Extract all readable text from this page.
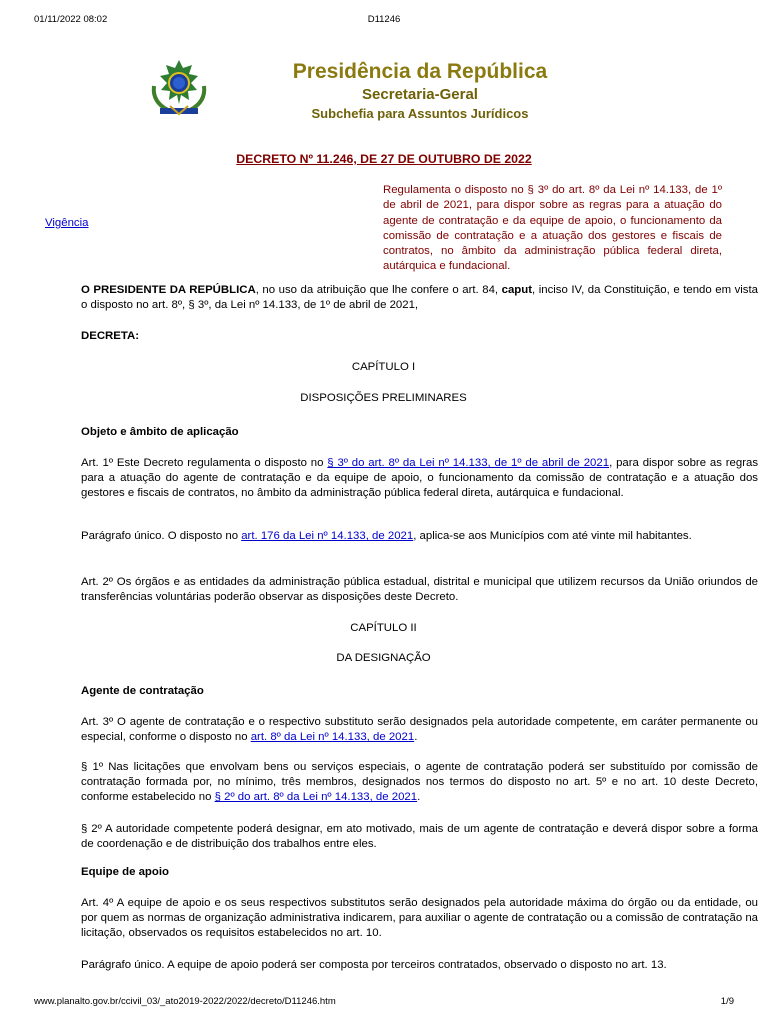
01/11/2022 08:02	D11246
Presidência da República
Secretaria-Geral
Subchefia para Assuntos Jurídicos
DECRETO Nº 11.246, DE 27 DE OUTUBRO DE 2022
Regulamenta o disposto no § 3º do art. 8º da Lei nº 14.133, de 1º de abril de 2021, para dispor sobre as regras para a atuação do agente de contratação e da equipe de apoio, o funcionamento da comissão de contratação e a atuação dos gestores e fiscais de contratos, no âmbito da administração pública federal direta, autárquica e fundacional.
Vigência
O PRESIDENTE DA REPÚBLICA, no uso da atribuição que lhe confere o art. 84, caput, inciso IV, da Constituição, e tendo em vista o disposto no art. 8º, § 3º, da Lei nº 14.133, de 1º de abril de 2021,
DECRETA:
CAPÍTULO I
DISPOSIÇÕES PRELIMINARES
Objeto e âmbito de aplicação
Art. 1º Este Decreto regulamenta o disposto no § 3º do art. 8º da Lei nº 14.133, de 1º de abril de 2021, para dispor sobre as regras para a atuação do agente de contratação e da equipe de apoio, o funcionamento da comissão de contratação e a atuação dos gestores e fiscais de contratos, no âmbito da administração pública federal direta, autárquica e fundacional.
Parágrafo único. O disposto no art. 176 da Lei nº 14.133, de 2021, aplica-se aos Municípios com até vinte mil habitantes.
Art. 2º Os órgãos e as entidades da administração pública estadual, distrital e municipal que utilizem recursos da União oriundos de transferências voluntárias poderão observar as disposições deste Decreto.
CAPÍTULO II
DA DESIGNAÇÃO
Agente de contratação
Art. 3º O agente de contratação e o respectivo substituto serão designados pela autoridade competente, em caráter permanente ou especial, conforme o disposto no art. 8º da Lei nº 14.133, de 2021.
§ 1º Nas licitações que envolvam bens ou serviços especiais, o agente de contratação poderá ser substituído por comissão de contratação formada por, no mínimo, três membros, designados nos termos do disposto no art. 5º e no art. 10 deste Decreto, conforme estabelecido no § 2º do art. 8º da Lei nº 14.133, de 2021.
§ 2º A autoridade competente poderá designar, em ato motivado, mais de um agente de contratação e deverá dispor sobre a forma de coordenação e de distribuição dos trabalhos entre eles.
Equipe de apoio
Art. 4º A equipe de apoio e os seus respectivos substitutos serão designados pela autoridade máxima do órgão ou da entidade, ou por quem as normas de organização administrativa indicarem, para auxiliar o agente de contratação ou a comissão de contratação na licitação, observados os requisitos estabelecidos no art. 10.
Parágrafo único. A equipe de apoio poderá ser composta por terceiros contratados, observado o disposto no art. 13.
www.planalto.gov.br/ccivil_03/_ato2019-2022/2022/decreto/D11246.htm	1/9
